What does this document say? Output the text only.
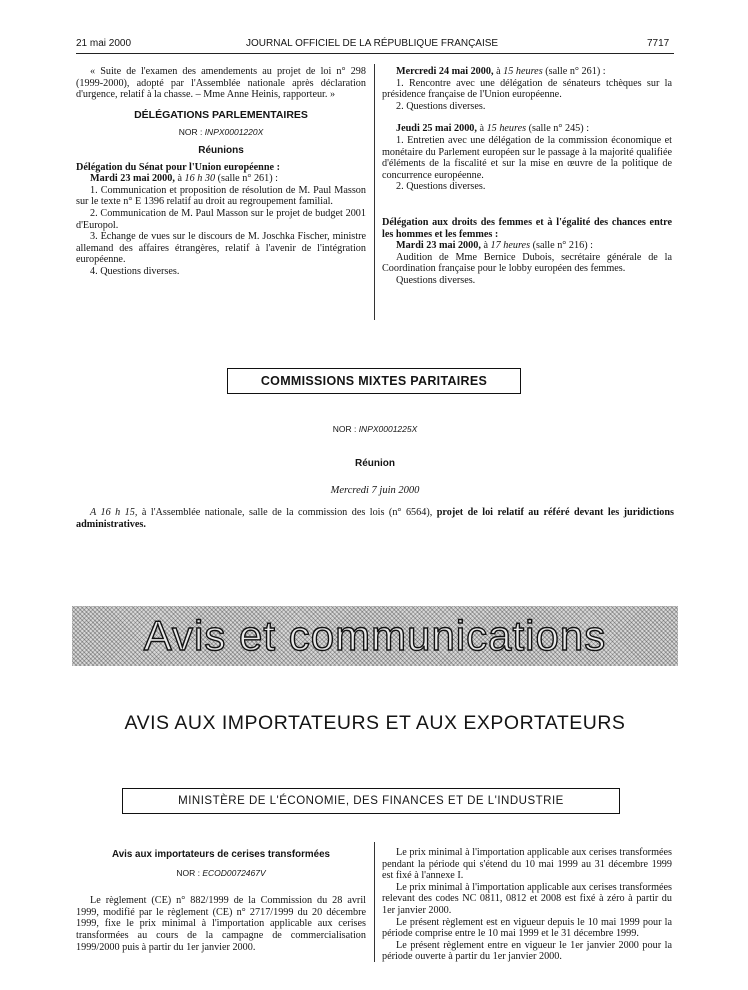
21 mai 2000	JOURNAL OFFICIEL DE LA RÉPUBLIQUE FRANÇAISE	7717

« Suite de l'examen des amendements au projet de loi n° 298 (1999-2000), adopté par l'Assemblée nationale après déclaration d'urgence, relatif à la chasse. – Mme Anne Heinis, rapporteur. »

DÉLÉGATIONS PARLEMENTAIRES

NOR : INPX0001220X

Réunions

Délégation du Sénat pour l'Union européenne :

Mardi 23 mai 2000, à 16 h 30 (salle n° 261) :

1. Communication et proposition de résolution de M. Paul Masson sur le texte n° E 1396 relatif au droit au regroupement familial.

2. Communication de M. Paul Masson sur le projet de budget 2001 d'Europol.

3. Echange de vues sur le discours de M. Joschka Fischer, ministre allemand des affaires étrangères, relatif à l'avenir de l'intégration européenne.

4. Questions diverses.

Mercredi 24 mai 2000, à 15 heures (salle n° 261) :

1. Rencontre avec une délégation de sénateurs tchèques sur la présidence française de l'Union européenne.

2. Questions diverses.

Jeudi 25 mai 2000, à 15 heures (salle n° 245) :

1. Entretien avec une délégation de la commission économique et monétaire du Parlement européen sur le passage à la majorité qualifiée d'éléments de la fiscalité et sur la mise en œuvre de la politique de concurrence européenne.

2. Questions diverses.

Délégation aux droits des femmes et à l'égalité des chances entre les hommes et les femmes :

Mardi 23 mai 2000, à 17 heures (salle n° 216) :

Audition de Mme Bernice Dubois, secrétaire générale de la Coordination française pour le lobby européen des femmes.

Questions diverses.

COMMISSIONS MIXTES PARITAIRES
NOR : INPX0001225X
Réunion
Mercredi 7 juin 2000

A 16 h 15, à l'Assemblée nationale, salle de la commission des lois (n° 6564), projet de loi relatif au référé devant les juridictions administratives.

Avis et communications
AVIS AUX IMPORTATEURS ET AUX EXPORTATEURS
MINISTÈRE DE L'ÉCONOMIE, DES FINANCES ET DE L'INDUSTRIE

Avis aux importateurs de cerises transformées

NOR : ECOD0072467V

Le règlement (CE) n° 882/1999 de la Commission du 28 avril 1999, modifié par le règlement (CE) n° 2717/1999 du 20 décembre 1999, fixe le prix minimal à l'importation applicable aux cerises transformées au cours de la campagne de commercialisation 1999/2000 puis à partir du 1er janvier 2000.

Le prix minimal à l'importation applicable aux cerises transformées pendant la période qui s'étend du 10 mai 1999 au 31 décembre 1999 est fixé à l'annexe I.

Le prix minimal à l'importation applicable aux cerises transformées relevant des codes NC 0811, 0812 et 2008 est fixé à zéro à partir du 1er janvier 2000.

Le présent règlement est en vigueur depuis le 10 mai 1999 pour la période comprise entre le 10 mai 1999 et le 31 décembre 1999.

Le présent règlement entre en vigueur le 1er janvier 2000 pour la période ouverte à partir du 1er janvier 2000.
